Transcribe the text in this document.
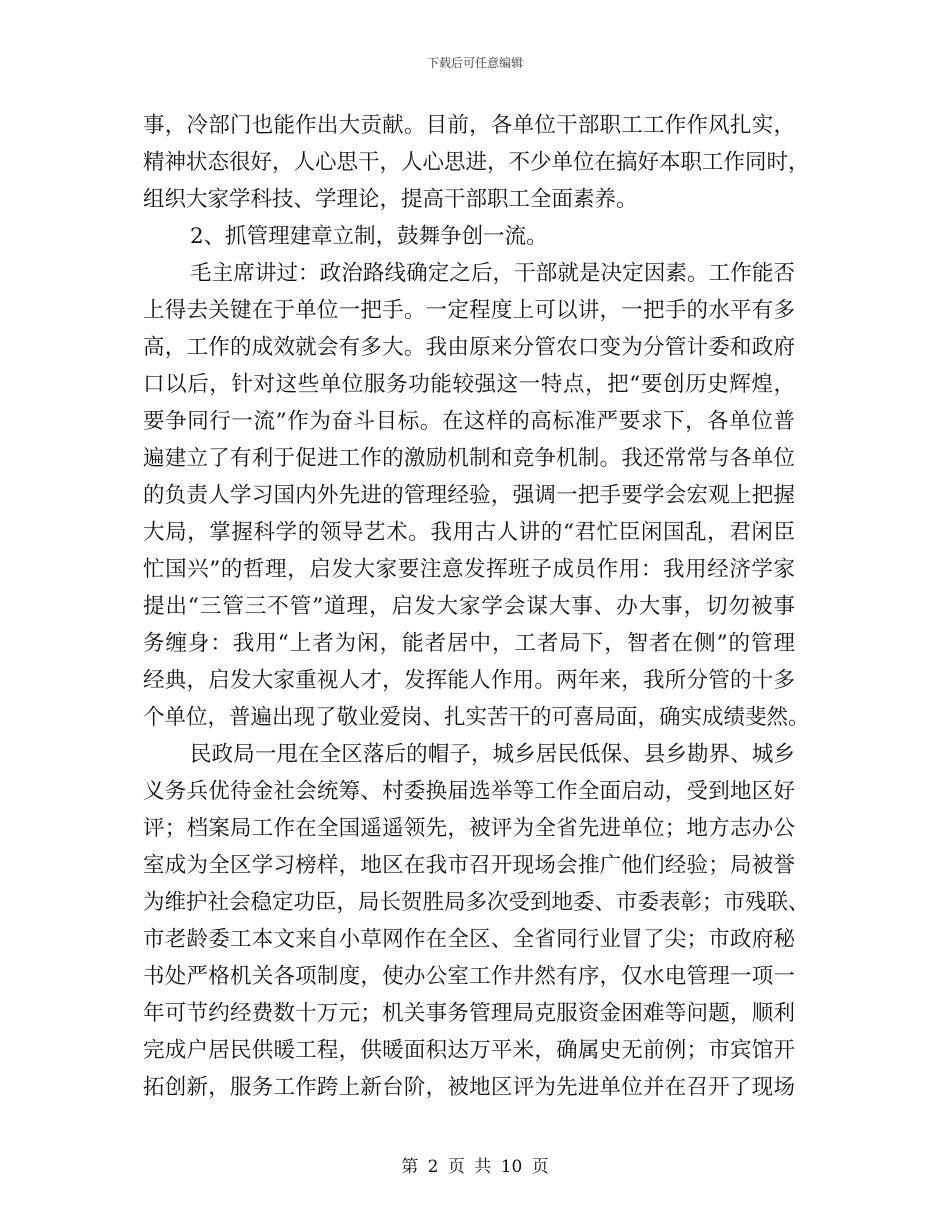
下载后可任意编辑
事，冷部门也能作出大贡献。目前，各单位干部职工工作作风扎实，
精神状态很好，人心思干，人心思进，不少单位在搞好本职工作同时，
组织大家学科技、学理论，提高干部职工全面素养。
2、抓管理建章立制，鼓舞争创一流。
毛主席讲过：政治路线确定之后，干部就是决定因素。工作能否
上得去关键在于单位一把手。一定程度上可以讲，一把手的水平有多
高，工作的成效就会有多大。我由原来分管农口变为分管计委和政府
口以后，针对这些单位服务功能较强这一特点，把“要创历史辉煌，
要争同行一流”作为奋斗目标。在这样的高标准严要求下，各单位普
遍建立了有利于促进工作的激励机制和竞争机制。我还常常与各单位
的负责人学习国内外先进的管理经验，强调一把手要学会宏观上把握
大局，掌握科学的领导艺术。我用古人讲的“君忙臣闲国乱，君闲臣
忙国兴”的哲理，启发大家要注意发挥班子成员作用：我用经济学家
提出“三管三不管”道理，启发大家学会谋大事、办大事，切勿被事
务缠身：我用“上者为闲，能者居中，工者局下，智者在侧”的管理
经典，启发大家重视人才，发挥能人作用。两年来，我所分管的十多
个单位，普遍出现了敬业爱岗、扎实苦干的可喜局面，确实成绩斐然。
民政局一甩在全区落后的帽子，城乡居民低保、县乡勘界、城乡
义务兵优待金社会统筹、村委换届选举等工作全面启动，受到地区好
评；档案局工作在全国遥遥领先，被评为全省先进单位；地方志办公
室成为全区学习榜样，地区在我市召开现场会推广他们经验；局被誉
为维护社会稳定功臣，局长贺胜局多次受到地委、市委表彰；市残联、
市老龄委工本文来自小草网作在全区、全省同行业冒了尖；市政府秘
书处严格机关各项制度，使办公室工作井然有序，仅水电管理一项一
年可节约经费数十万元；机关事务管理局克服资金困难等问题，顺利
完成户居民供暖工程，供暖面积达万平米，确属史无前例；市宾馆开
拓创新，服务工作跨上新台阶，被地区评为先进单位并在召开了现场
第 2 页 共 10 页
